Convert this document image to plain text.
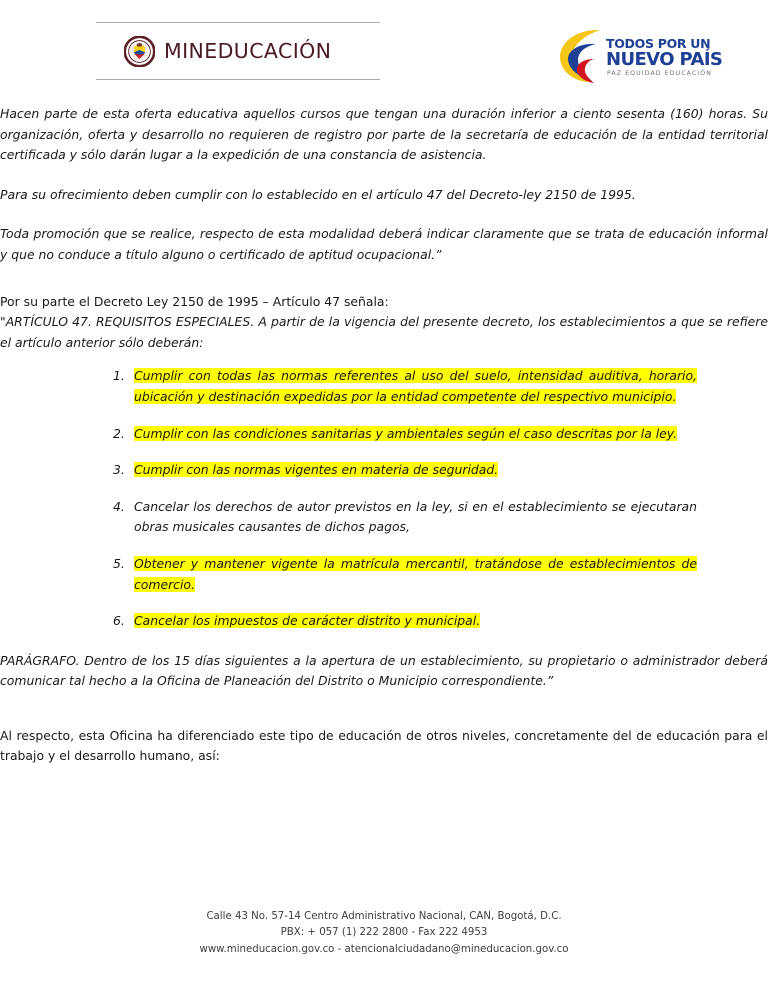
MINEDUCACIÓN	TODOS POR UN
NUEVO PAÍS
PAZ EQUIDAD EDUCACIÓN

Hacen parte de esta oferta educativa aquellos cursos que tengan una duración inferior a ciento sesenta (160) horas. Su organización, oferta y desarrollo no requieren de registro por parte de la secretaría de educación de la entidad territorial certificada y sólo darán lugar a la expedición de una constancia de asistencia.

Para su ofrecimiento deben cumplir con lo establecido en el artículo 47 del Decreto-ley 2150 de 1995.

Toda promoción que se realice, respecto de esta modalidad deberá indicar claramente que se trata de educación informal y que no conduce a título alguno o certificado de aptitud ocupacional.”

Por su parte el Decreto Ley 2150 de 1995 – Artículo 47 señala:

"ARTÍCULO 47. REQUISITOS ESPECIALES. A partir de la vigencia del presente decreto, los establecimientos a que se refiere el artículo anterior sólo deberán:

1. Cumplir con todas las normas referentes al uso del suelo, intensidad auditiva, horario, ubicación y destinación expedidas por la entidad competente del respectivo municipio.
2. Cumplir con las condiciones sanitarias y ambientales según el caso descritas por la ley.
3. Cumplir con las normas vigentes en materia de seguridad.
4. Cancelar los derechos de autor previstos en la ley, si en el establecimiento se ejecutaran obras musicales causantes de dichos pagos,
5. Obtener y mantener vigente la matrícula mercantil, tratándose de establecimientos de comercio.
6. Cancelar los impuestos de carácter distrito y municipal.

PARÁGRAFO. Dentro de los 15 días siguientes a la apertura de un establecimiento, su propietario o administrador deberá comunicar tal hecho a la Oficina de Planeación del Distrito o Municipio correspondiente.”

Al respecto, esta Oficina ha diferenciado este tipo de educación de otros niveles, concretamente del de educación para el trabajo y el desarrollo humano, así:

Calle 43 No. 57-14 Centro Administrativo Nacional, CAN, Bogotá, D.C.
PBX: + 057 (1) 222 2800 - Fax 222 4953
www.mineducacion.gov.co - atencionalciudadano@mineducacion.gov.co
